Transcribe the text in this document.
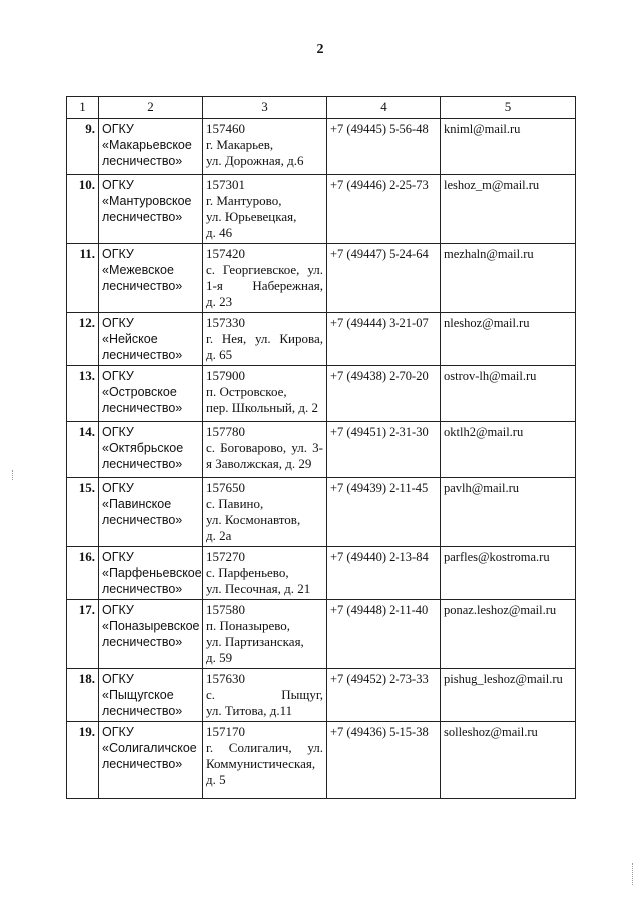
2
1	2	3	4	5
9.	ОГКУ
«Макарьевское лесничество»	157460
г. Макарьев,
ул. Дорожная, д.6	+7 (49445) 5-56-48	kniml@mail.ru
10.	ОГКУ
«Мантуровское лесничество»	157301
г. Мантурово,
ул. Юрьевецкая,
д. 46	+7 (49446) 2-25-73	leshoz_m@mail.ru
11.	ОГКУ
«Межевское лесничество»	157420
с. Георгиевское, ул.
1-я Набережная,
д. 23	+7 (49447) 5-24-64	mezhaln@mail.ru
12.	ОГКУ
«Нейское лесничество»	157330
г. Нея, ул. Кирова,
д. 65	+7 (49444) 3-21-07	nleshoz@mail.ru
13.	ОГКУ
«Островское лесничество»	157900
п. Островское,
пер. Школьный, д. 2	+7 (49438) 2-70-20	ostrov-lh@mail.ru
14.	ОГКУ
«Октябрьское лесничество»	157780
с. Боговарово, ул. 3-
я Заволжская, д. 29	+7 (49451) 2-31-30	oktlh2@mail.ru
15.	ОГКУ
«Павинское лесничество»	157650
с. Павино,
ул. Космонавтов,
д. 2а	+7 (49439) 2-11-45	pavlh@mail.ru
16.	ОГКУ
«Парфеньевское лесничество»	157270
с. Парфеньево,
ул. Песочная, д. 21	+7 (49440) 2-13-84	parfles@kostroma.ru
17.	ОГКУ
«Поназыревское лесничество»	157580
п. Поназырево,
ул. Партизанская,
д. 59	+7 (49448) 2-11-40	ponaz.leshoz@mail.ru
18.	ОГКУ
«Пыщугское лесничество»	157630
с. Пыщуг,
ул. Титова, д.11	+7 (49452) 2-73-33	pishug_leshoz@mail.ru
19.	ОГКУ
«Солигаличское лесничество»	157170
г. Солигалич, ул.
Коммунистическая,
д. 5	+7 (49436) 5-15-38	solleshoz@mail.ru
